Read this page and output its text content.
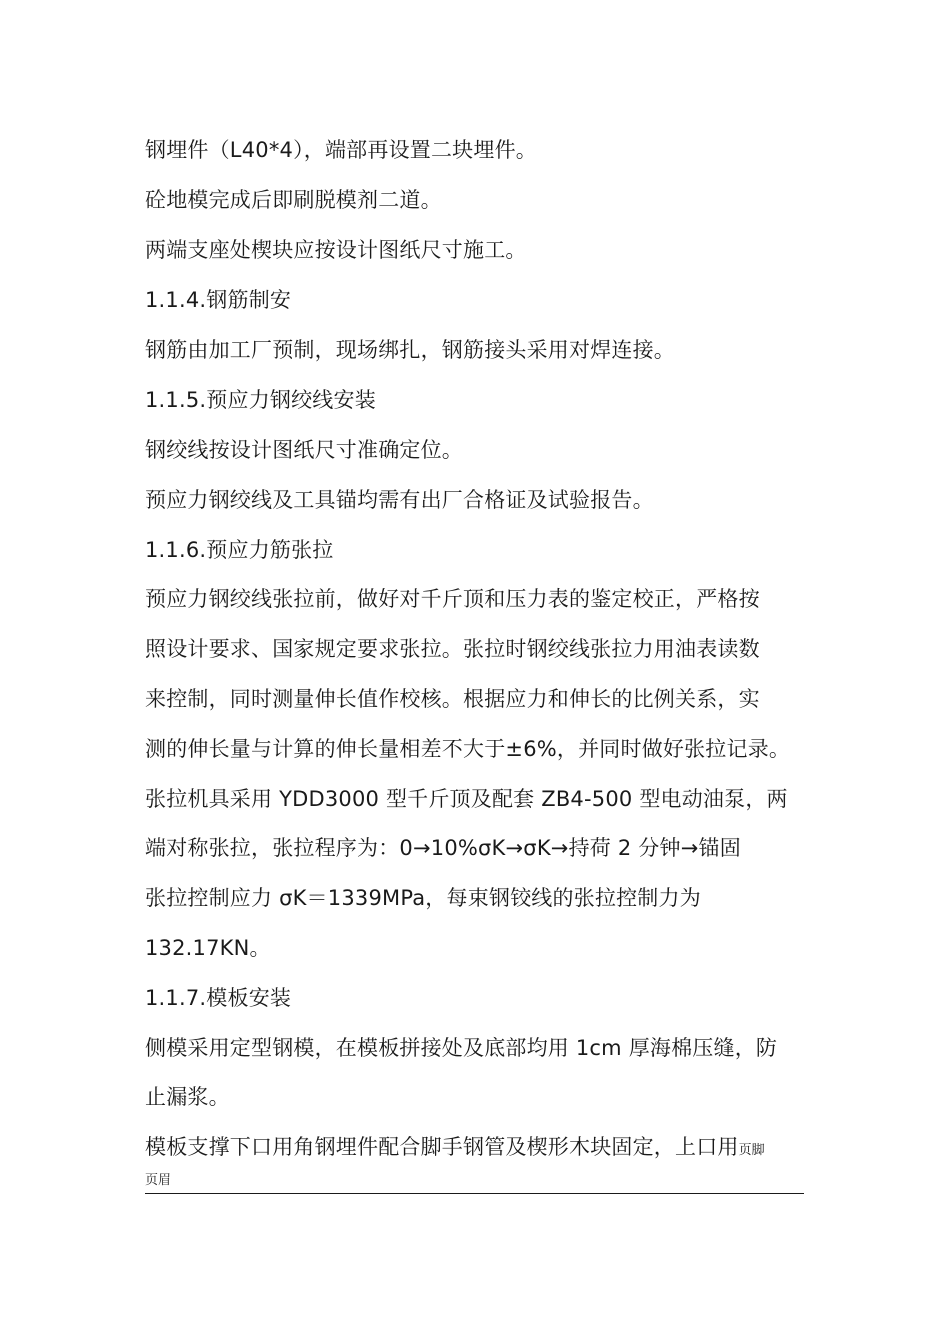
钢埋件（L40*4），端部再设置二块埋件。
砼地模完成后即刷脱模剂二道。
两端支座处楔块应按设计图纸尺寸施工。
1.1.4.钢筋制安
钢筋由加工厂预制，现场绑扎，钢筋接头采用对焊连接。
1.1.5.预应力钢绞线安装
钢绞线按设计图纸尺寸准确定位。
预应力钢绞线及工具锚均需有出厂合格证及试验报告。
1.1.6.预应力筋张拉
预应力钢绞线张拉前，做好对千斤顶和压力表的鉴定校正，严格按
照设计要求、国家规定要求张拉。张拉时钢绞线张拉力用油表读数
来控制，同时测量伸长值作校核。根据应力和伸长的比例关系，实
测的伸长量与计算的伸长量相差不大于±6%，并同时做好张拉记录。
张拉机具采用 YDD3000 型千斤顶及配套 ZB4-500 型电动油泵，两
端对称张拉，张拉程序为：0→10%σK→σK→持荷 2 分钟→锚固
张拉控制应力 σK＝1339MPa，每束钢铰线的张拉控制力为
132.17KN。
1.1.7.模板安装
侧模采用定型钢模，在模板拼接处及底部均用 1cm 厚海棉压缝，防
止漏浆。
模板支撑下口用角钢埋件配合脚手钢管及楔形木块固定，上口用页脚
页眉
